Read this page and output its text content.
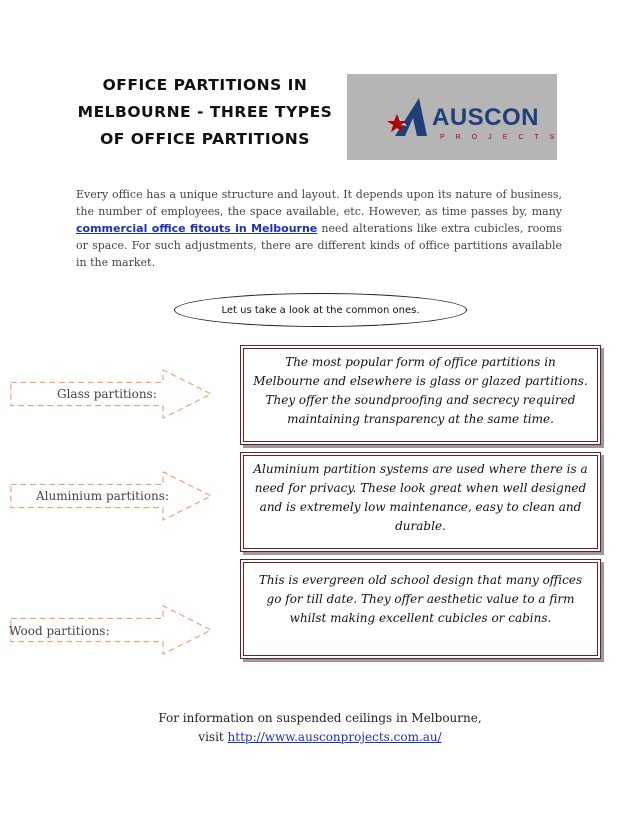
OFFICE PARTITIONS IN
MELBOURNE - THREE TYPES
OF OFFICE PARTITIONS
AUSCON
PROJECTS
Every office has a unique structure and layout. It depends upon its nature of business, the number of employees, the space available, etc. However, as time passes by, many commercial office fitouts in Melbourne need alterations like extra cubicles, rooms or space. For such adjustments, there are different kinds of office partitions available in the market.
Let us take a look at the common ones.
Glass partitions:
Aluminium partitions:
Wood partitions:
The most popular form of office partitions in Melbourne and elsewhere is glass or glazed partitions. They offer the soundproofing and secrecy required maintaining transparency at the same time.
Aluminium partition systems are used where there is a need for privacy. These look great when well designed and is extremely low maintenance, easy to clean and durable.
This is evergreen old school design that many offices go for till date. They offer aesthetic value to a firm whilst making excellent cubicles or cabins.
For information on suspended ceilings in Melbourne,
visit http://www.ausconprojects.com.au/
